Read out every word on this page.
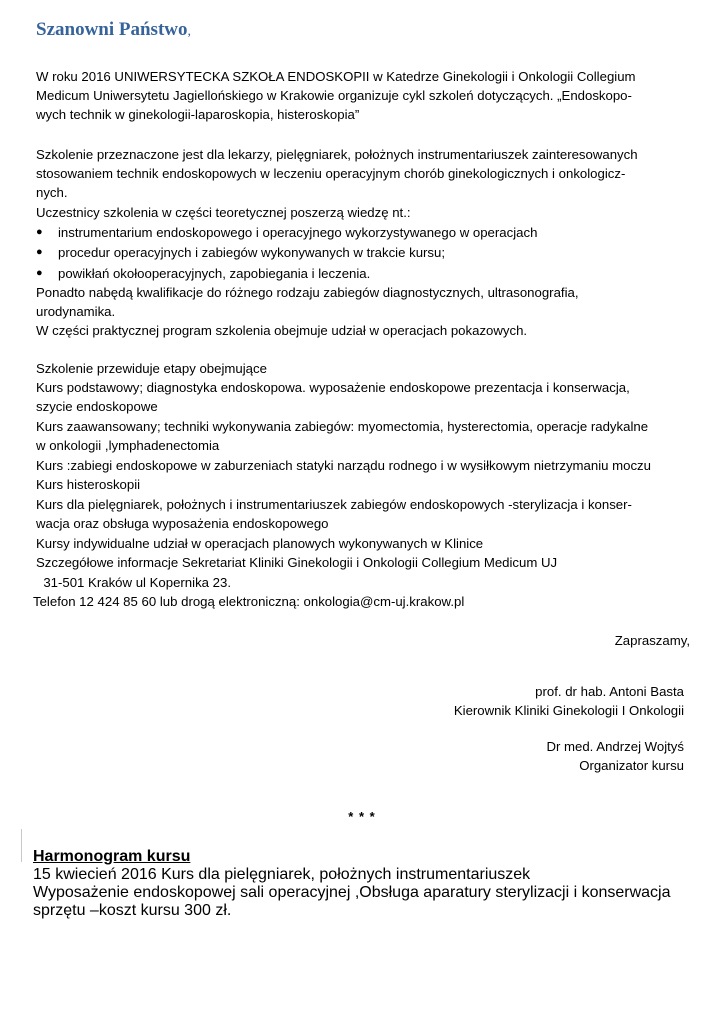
Szanowni Państwo,
W roku 2016 UNIWERSYTECKA SZKOŁA ENDOSKOPII w Katedrze Ginekologii i Onkologii Collegium
Medicum Uniwersytetu Jagiellońskiego w Krakowie organizuje cykl szkoleń dotyczących. „Endoskopo-
wych technik w ginekologii-laparoskopia, histeroskopia”
Szkolenie przeznaczone jest dla lekarzy, pielęgniarek, położnych instrumentariuszek zainteresowanych
stosowaniem technik endoskopowych w leczeniu operacyjnym chorób ginekologicznych i onkologicz-
nych.
Uczestnicy szkolenia w części teoretycznej poszerzą wiedzę nt.:
● instrumentarium endoskopowego i operacyjnego wykorzystywanego w operacjach
● procedur operacyjnych i zabiegów wykonywanych w trakcie kursu;
● powikłań okołooperacyjnych, zapobiegania i leczenia.
Ponadto nabędą kwalifikacje do różnego rodzaju zabiegów diagnostycznych, ultrasonografia,
urodynamika.
W części praktycznej program szkolenia obejmuje udział w operacjach pokazowych.
Szkolenie przewiduje etapy obejmujące
Kurs podstawowy; diagnostyka endoskopowa. wyposażenie endoskopowe prezentacja i konserwacja,
szycie endoskopowe
Kurs zaawansowany; techniki wykonywania zabiegów: myomectomia, hysterectomia, operacje radykalne
w onkologii ,lymphadenectomia
Kurs :zabiegi endoskopowe w zaburzeniach statyki narządu rodnego i w wysiłkowym nietrzymaniu moczu
Kurs histeroskopii
Kurs dla pielęgniarek, położnych i instrumentariuszek zabiegów endoskopowych -sterylizacja i konser-
wacja oraz obsługa wyposażenia endoskopowego
Kursy indywidualne udział w operacjach planowych wykonywanych w Klinice
Szczegółowe informacje Sekretariat Kliniki Ginekologii i Onkologii Collegium Medicum UJ
31-501 Kraków ul Kopernika 23.
Telefon 12 424 85 60 lub drogą elektroniczną: onkologia@cm-uj.krakow.pl
Zapraszamy,
prof. dr hab. Antoni Basta
Kierownik Kliniki Ginekologii I Onkologii
Dr med. Andrzej Wojtyś
Organizator kursu
* * *
Harmonogram kursu
15 kwiecień 2016 Kurs dla pielęgniarek, położnych instrumentariuszek
Wyposażenie endoskopowej sali operacyjnej ,Obsługa aparatury sterylizacji i konserwacja
sprzętu –koszt kursu 300 zł.
